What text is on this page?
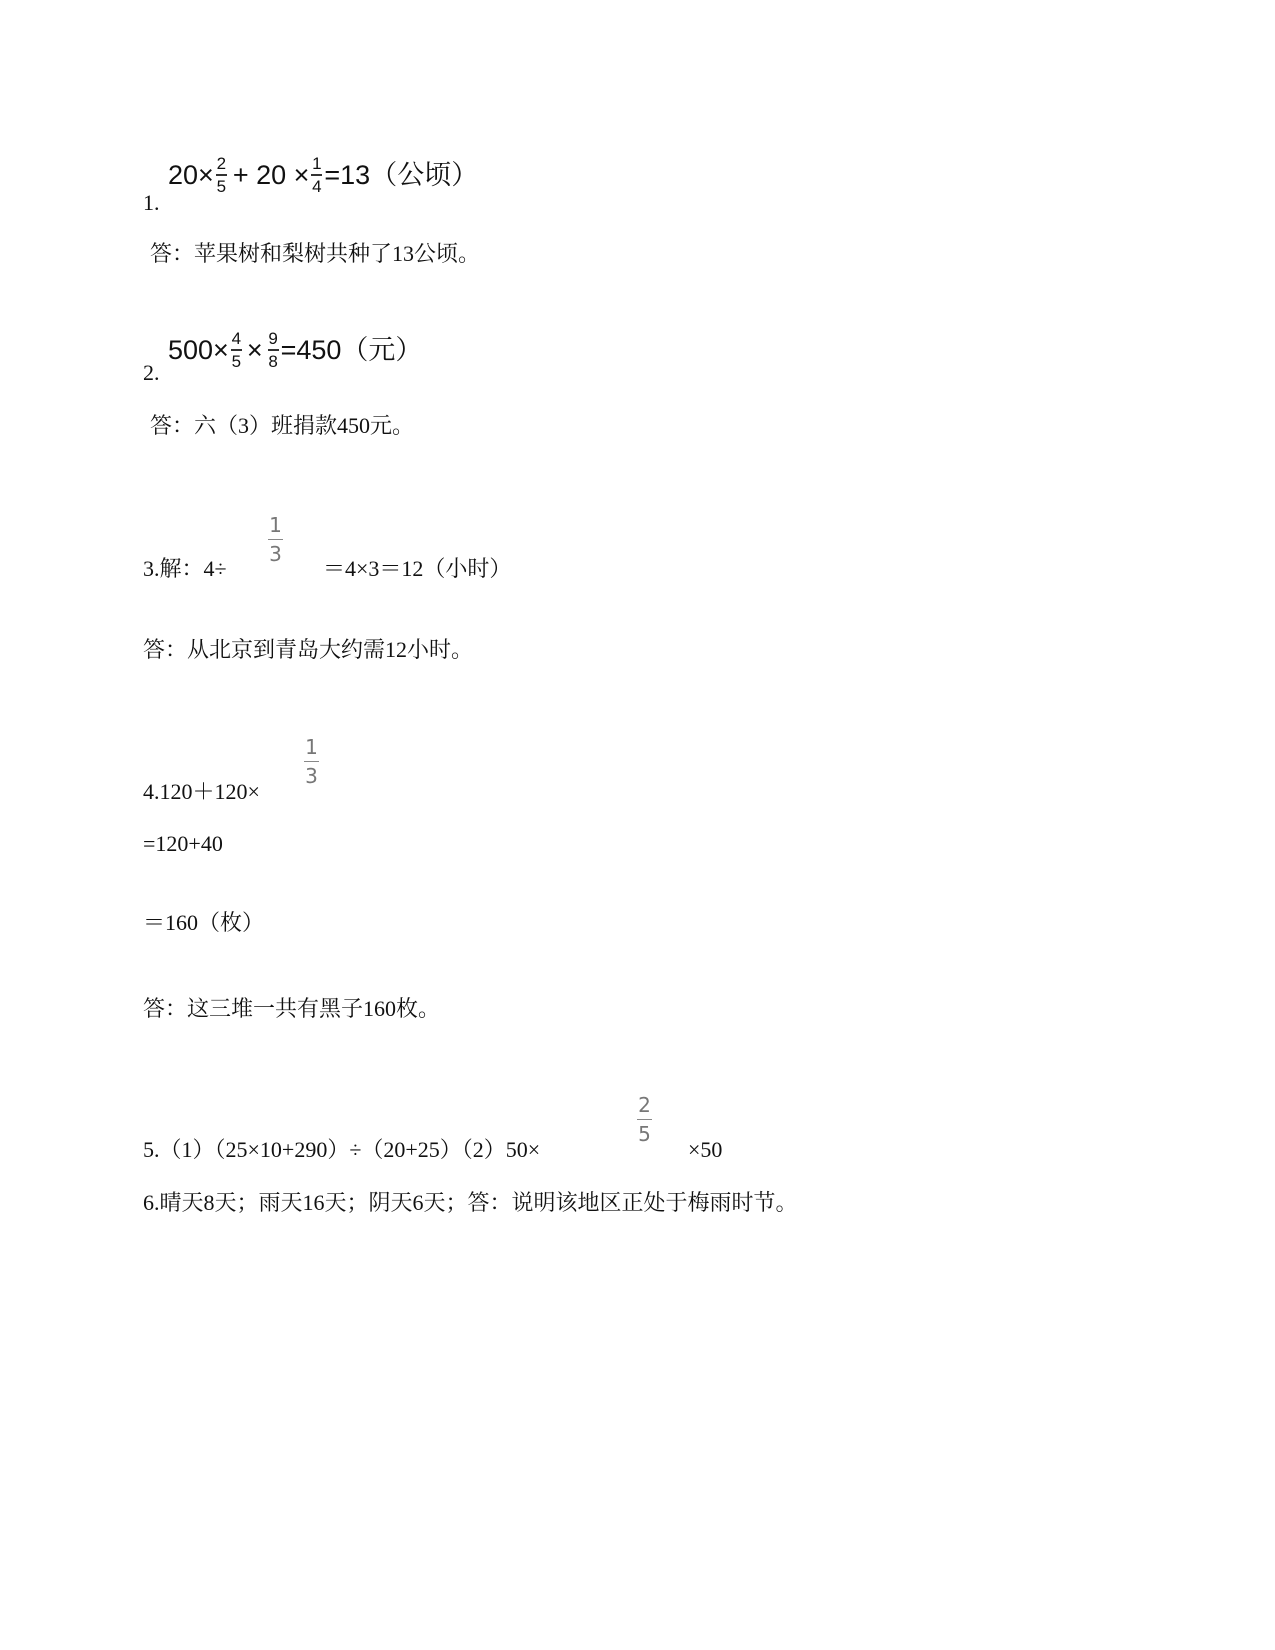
1.
$20\times \frac{2}{5} + 20 \times \frac{1}{4} =13$（公顷）
答：苹果树和梨树共种了13公顷。
2.
$500\times \frac{4}{5} \times \frac{9}{8} =450$（元）
答：六（3）班捐款450元。
3.解：4÷
1
3
＝4×3＝12（小时）
答：从北京到青岛大约需12小时。
4.120＋120×
1
3
=120+40
＝160（枚）
答：这三堆一共有黑子160枚。
5.（1）（25×10+290）÷（20+25）（2）50×
2
5
×50
6.晴天8天；雨天16天；阴天6天；答：说明该地区正处于梅雨时节。
